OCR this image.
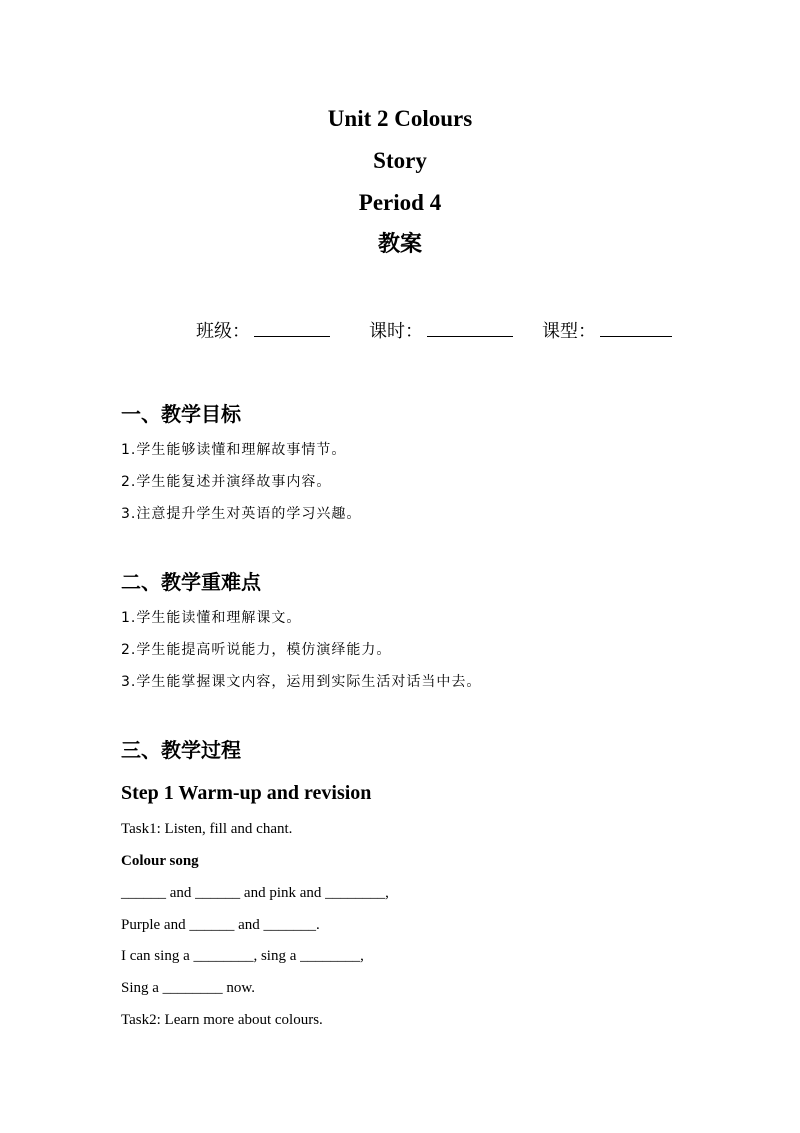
Unit 2 Colours
Story
Period 4
教案
班级：	课时：	课型：
一、教学目标
1.学生能够读懂和理解故事情节。
2.学生能复述并演绎故事内容。
3.注意提升学生对英语的学习兴趣。
二、教学重难点
1.学生能读懂和理解课文。
2.学生能提高听说能力，模仿演绎能力。
3.学生能掌握课文内容，运用到实际生活对话当中去。
三、教学过程
Step 1 Warm-up and revision
Task1: Listen, fill and chant.
Colour song
______ and ______ and pink and ________,
Purple and ______ and _______.
I can sing a ________, sing a ________,
Sing a ________ now.
Task2: Learn more about colours.
